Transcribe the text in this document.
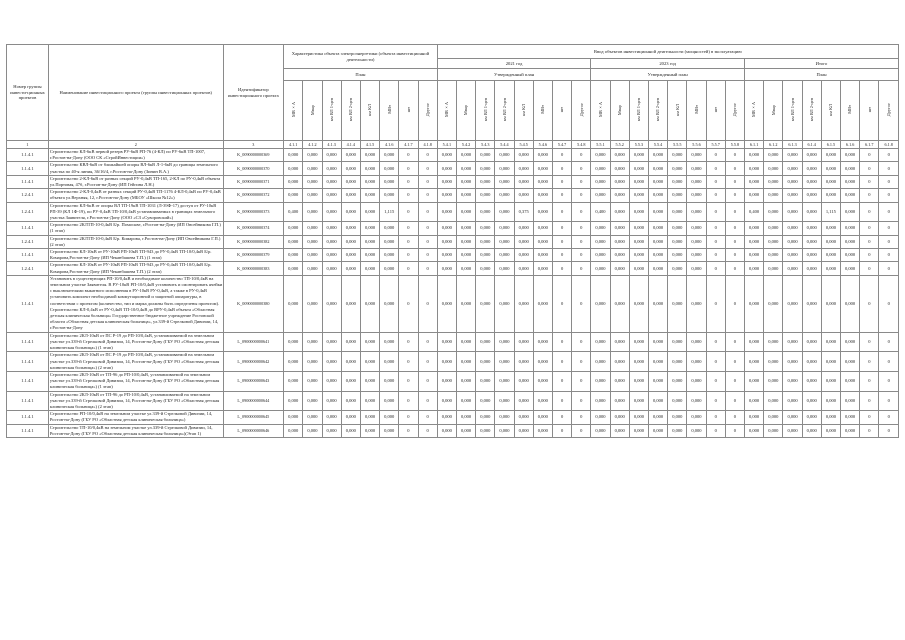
Номер группы инвести-ционных проектов	Наименование инвестиционного проекта (группы инвестиционных проектов)	Идентификатор инвестиционного проекта	Характеристика объекта электроэнергетики (объекта инвестиционной деятельности)								Ввод объектов инвестиционной деятельности (мощностей) в эксплуатацию																							
											2021 год								2023 год								Итого							
			План								Утвержденный план								Утвержденный план								План							
			МВ×А	Мвар	км ВЛ 1-цеп	км ВЛ 2-цеп	км КЛ	МВт	шт	Другое	МВ×А	Мвар	км ВЛ 1-цеп	км ВЛ 2-цеп	км КЛ	МВт	шт	Другое	МВ×А	Мвар	км ВЛ 1-цеп	км ВЛ 2-цеп	км КЛ	МВт	шт	Другое	МВ×А	Мвар	км ВЛ 1-цеп	км ВЛ 2-цеп	км КЛ	МВт	шт	Другое
1	2	3	4.1.1	4.1.2	4.1.3	4.1.4	4.1.5	4.1.6	4.1.7	4.1.8	5.4.1	5.4.2	5.4.3	5.4.4	5.4.5	5.4.6	5.4.7	5.4.8	5.5.1	5.5.2	5.5.3	5.5.4	5.5.5	5.5.6	5.5.7	5.5.8	6.1.1	6.1.2	6.1.3	6.1.4	6.1.5	6.1.6	6.1.7	6.1.8
1.1.4.1	Строительство КЛ-6кВ первой резерв РУ-6кВ РП-76 (4-КЛ) по РУ-6кВ ТП-1007, г.Ростов-на-Дону (ООО СК «СтройИнвестиции»)	K_0090000000369	0,000	0,000	0,000	0,000	0,000	0,000	0	0	0,000	0,000	0,000	0,000	0,000	0,000	0	0	0,000	0,000	0,000	0,000	0,000	0,000	0	0	0,000	0,000	0,000	0,000	0,000	0,000	0	0
1.1.4.1	Строительство КВЛ-6кВ от ближайшей опоры ВЛ-6кВ Л-1-6кВ до границы земельного участка по 40-я линия, 36/16/4, г.Ростов-на-Дону (Зинин В.А.)	K_0090000000370	0,000	0,000	0,000	0,000	0,000	0,000	0	0	0,000	0,000	0,000	0,000	0,000	0,000	0	0	0,000	0,000	0,000	0,000	0,000	0,000	0	0	0,000	0,000	0,000	0,000	0,000	0,000	0	0
1.1.4.1	Строительство 2-КЛ-6кВ от разных секций РУ-0,4кВ ТП-165, 2-КЛ по РУ-0,4кВ объекта ул.Портовая, 47б, г.Ростов-на-Дону (ИП Гейгина Л.Н.)	K_0090000000371	0,000	0,000	0,000	0,000	0,000	0,000	0	0	0,000	0,000	0,000	0,000	0,000	0,000	0	0	0,000	0,000	0,000	0,000	0,000	0,000	0	0	0,000	0,000	0,000	0,000	0,000	0,000	0	0
1.2.4.1	Строительство 2-КЛ-0,4кВ от разных секций РУ-0,4кВ ТП-1176 4-КЛ-0,4кВ по РУ-0,4кВ объекта ул.Верхняя, 12, г.Ростов-на-Дону (МБОУ «Школа №12»)	K_0090000000372	0,000	0,000	0,000	0,000	0,000	0,000	0	0	0,000	0,000	0,000	0,000	0,000	0,000	0	0	0,000	0,000	0,000	0,000	0,000	0,000	0	0	0,000	0,000	0,000	0,000	0,000	0,000	0	0
1.2.4.1	Строительство КЛ-6кВ от опоры ВЛ ТП-19кВ ТП-1031 (Л-39Ф-17) доступ от РУ-10кВ РП-39 (КЛ 1Ф-19), по РУ-0,4кВ ТП-10/0,4кВ устанавливаемых в границах земельного участка Заявителя, г.Ростов-на-Дону (ООО «СЗ «Суворовский»)	K_0090000000373	0,400	0,000	0,000	0,000	0,000	1,115	0	0	0,000	0,000	0,000	0,000	0,375	0,000	0	0	0,400	0,000	0,000	0,000	0,000	0,000	0	0	0,400	0,000	0,000	0,000	1,115	0,000	0	0
1.1.4.1	Строительство 2КЛТП-10-0,4кВ Б/р. Помоскве, г.Ростов-на-Дону (ИП Овсейникова Г.П.) (1 этап)	K_0090000000374	0,000	0,000	0,000	0,000	0,000	0,000	0	0	0,000	0,000	0,000	0,000	0,000	0,000	0	0	0,000	0,000	0,000	0,000	0,000	0,000	0	0	0,000	0,000	0,000	0,000	0,000	0,000	0	0
1.2.4.1	Строительство 2КЛТП-10-0,4кВ Б/р. Комарова, г.Ростов-на-Дону (ИП Овсейникова Г.П.) (2 этап)	K_0090000000382	0,000	0,000	0,000	0,000	0,000	0,000	0	0	0,000	0,000	0,000	0,000	0,000	0,000	0	0	0,000	0,000	0,000	0,000	0,000	0,000	0	0	0,000	0,000	0,000	0,000	0,000	0,000	0	0
1.1.4.1	Строительство КЛ-10кВ от РУ-10кВ РП-10кВ ТП-943 до РУ-0,4кВ ТП-10/0,4кВ Б/р. Комарова,Ростов-на-Дону (ИП Чеканбашева Т.П.) (1 этап)	K_0090000000379	0,000	0,000	0,000	0,000	0,000	0,000	0	0	0,000	0,000	0,000	0,000	0,000	0,000	0	0	0,000	0,000	0,000	0,000	0,000	0,000	0	0	0,000	0,000	0,000	0,000	0,000	0,000	0	0
1.2.4.1	Строительство КЛ-10кВ от РУ-10кВ РП-10кВ ТП-943 до РУ-0,4кВ ТП-10/0,4кВ Б/р. Комарова,Ростов-на-Дону (ИП Чеканбашева Т.П.) (2 этап)	K_0090000000383	0,000	0,000	0,000	0,000	0,000	0,000	0	0	0,000	0,000	0,000	0,000	0,000	0,000	0	0	0,000	0,000	0,000	0,000	0,000	0,000	0	0	0,000	0,000	0,000	0,000	0,000	0,000	0	0
1.1.4.1	Установить в существующих РП-10/0,4кВ и необходимое количество ТП-10/0,4кВ на земельном участке Заявителя. В РУ-10кВ РП-10/0,4кВ установить и смонтировать ячейки с выключателями выкатного исполнения в РУ-10кВ РУ-0,4кВ, а также в РУ-0,4кВ установить комплект необходимой коммутационной и защитной аппаратуры, в соответствии с проектом (количество, тип и марка должны быть определены проектом). Строительство КЛ-0,4кВ от РУ-0,4кВ ТП-10/0,4кВ до ВРУ-0,4кВ объекта «Областная детская клиническая больница» Государственное бюджетное учреждение Ростовской области «Областная детская клиническая больница», ул.339-й Стрелковой Дивизии, 14, г.Ростов-на-Дону	K_0090000000380	0,000	0,000	0,000	0,000	0,000	0,000	0	0	0,000	0,000	0,000	0,000	0,000	0,000	0	0	0,000	0,000	0,000	0,000	0,000	0,000	0	0	0,000	0,000	0,000	0,000	0,000	0,000	0	0
1.1.4.1	Строительство 2КЛ-10кВ от ПС Р-19 до РП-10/0,4кВ, устанавливаемой на земельном участке ул.339-й Стрелковой Дивизии, 14, Ростов-на-Дону (ГБУ РО «Областная детская клиническая больница») (1 этап)	L_0900000000641	0,000	0,000	0,000	0,000	0,000	0,000	0	0	0,000	0,000	0,000	0,000	0,000	0,000	0	0	0,000	0,000	0,000	0,000	0,000	0,000	0	0	0,000	0,000	0,000	0,000	0,000	0,000	0	0
1.1.4.1	Строительство 2КЛ-10кВ от ПС Р-19 до РП-10/0,4кВ, устанавливаемой на земельном участке ул.339-й Стрелковой Дивизии, 14, Ростов-на-Дону (ГБУ РО «Областная детская клиническая больница») (2 этап)	L_0900000000642	0,000	0,000	0,000	0,000	0,000	0,000	0	0	0,000	0,000	0,000	0,000	0,000	0,000	0	0	0,000	0,000	0,000	0,000	0,000	0,000	0	0	0,000	0,000	0,000	0,000	0,000	0,000	0	0
1.1.4.1	Строительство 2КЛ-10кВ от ТП-96 до РП-10/0,4кВ, устанавливаемой на земельном участке ул.339-й Стрелковой Дивизии, 14, Ростов-на-Дону (ГБУ РО «Областная детская клиническая больница») (1 этап)	L_0900000000643	0,000	0,000	0,000	0,000	0,000	0,000	0	0	0,000	0,000	0,000	0,000	0,000	0,000	0	0	0,000	0,000	0,000	0,000	0,000	0,000	0	0	0,000	0,000	0,000	0,000	0,000	0,000	0	0
1.1.4.1	Строительство 2КЛ-10кВ от ТП-96 до РП-10/0,4кВ, устанавливаемой на земельном участке ул.339-й Стрелковой Дивизии, 14, Ростов-на-Дону (ГБУ РО «Областная детская клиническая больница») (2 этап)	L_0900000000644	0,000	0,000	0,000	0,000	0,000	0,000	0	0	0,000	0,000	0,000	0,000	0,000	0,000	0	0	0,000	0,000	0,000	0,000	0,000	0,000	0	0	0,000	0,000	0,000	0,000	0,000	0,000	0	0
1.1.4.1	Строительство РП-10/0,4кВ на земельном участке ул.339-й Стрелковой Дивизии, 14, Ростов-на-Дону (ГБУ РО «Областная детская клиническая больница»)	L_0900000000645	0,000	0,000	0,000	0,000	0,000	0,000	0	0	0,000	0,000	0,000	0,000	0,000	0,000	0	0	0,000	0,000	0,000	0,000	0,000	0,000	0	0	0,000	0,000	0,000	0,000	0,000	0,000	0	0
1.1.4.1	Строительство ТП-10/0,4кВ на земельном участке ул.339-й Стрелковой Дивизии, 14, Ростов-на-Дону (ГБУ РО «Областная детская клиническая больница»)(Этап 1)	L_0900000000646	0,000	0,000	0,000	0,000	0,000	0,000	0	0	0,000	0,000	0,000	0,000	0,000	0,000	0	0	0,000	0,000	0,000	0,000	0,000	0,000	0	0	0,000	0,000	0,000	0,000	0,000	0,000	0	0
